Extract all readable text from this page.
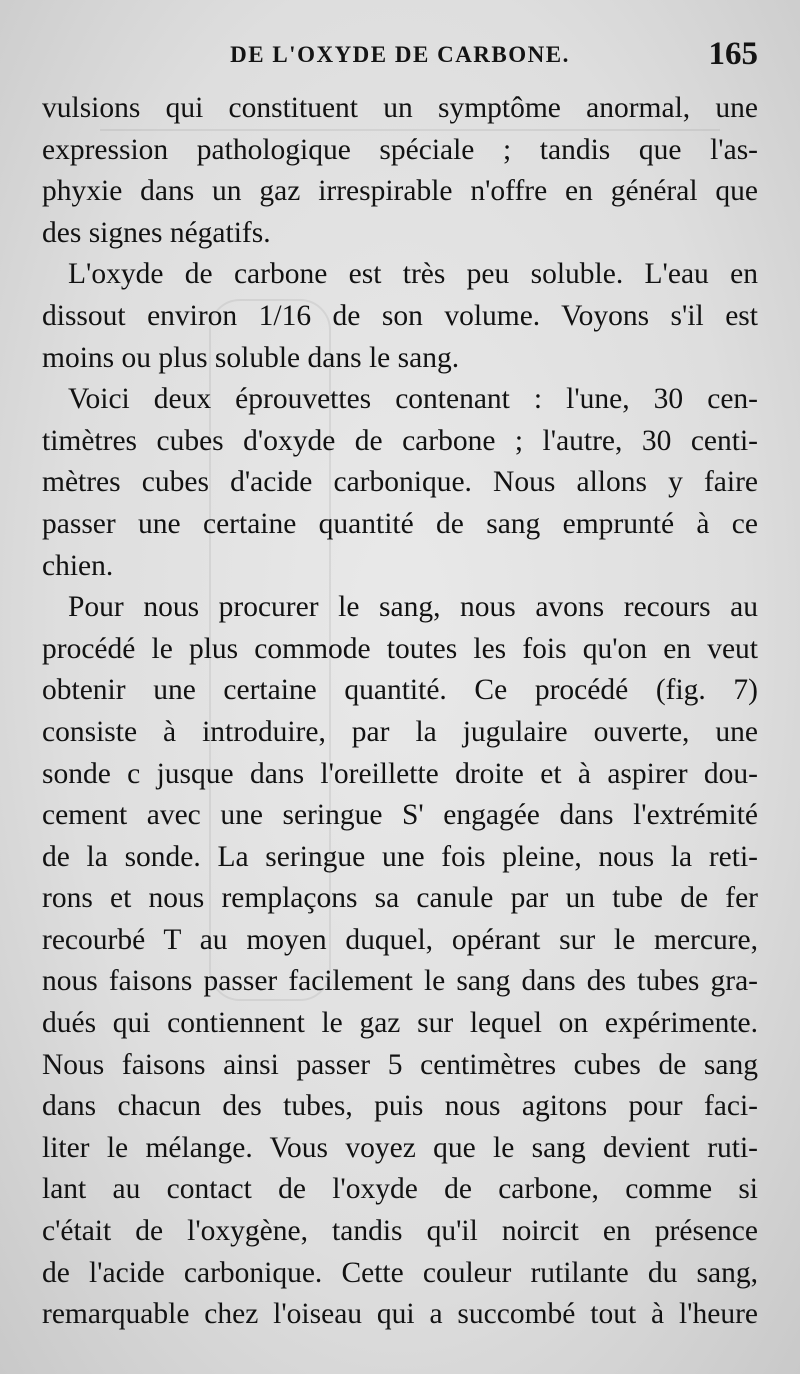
DE L'OXYDE DE CARBONE.	165
vulsions qui constituent un symptôme anormal, une
expression pathologique spéciale ; tandis que l'as-
phyxie dans un gaz irrespirable n'offre en général que
des signes négatifs.
L'oxyde de carbone est très peu soluble. L'eau en
dissout environ 1/16 de son volume. Voyons s'il est
moins ou plus soluble dans le sang.
Voici deux éprouvettes contenant : l'une, 30 cen-
timètres cubes d'oxyde de carbone ; l'autre, 30 centi-
mètres cubes d'acide carbonique. Nous allons y faire
passer une certaine quantité de sang emprunté à ce
chien.
Pour nous procurer le sang, nous avons recours au
procédé le plus commode toutes les fois qu'on en veut
obtenir une certaine quantité. Ce procédé (fig. 7)
consiste à introduire, par la jugulaire ouverte, une
sonde c jusque dans l'oreillette droite et à aspirer dou-
cement avec une seringue S' engagée dans l'extrémité
de la sonde. La seringue une fois pleine, nous la reti-
rons et nous remplaçons sa canule par un tube de fer
recourbé T au moyen duquel, opérant sur le mercure,
nous faisons passer facilement le sang dans des tubes gra-
dués qui contiennent le gaz sur lequel on expérimente.
Nous faisons ainsi passer 5 centimètres cubes de sang
dans chacun des tubes, puis nous agitons pour faci-
liter le mélange. Vous voyez que le sang devient ruti-
lant au contact de l'oxyde de carbone, comme si
c'était de l'oxygène, tandis qu'il noircit en présence
de l'acide carbonique. Cette couleur rutilante du sang,
remarquable chez l'oiseau qui a succombé tout à l'heure
